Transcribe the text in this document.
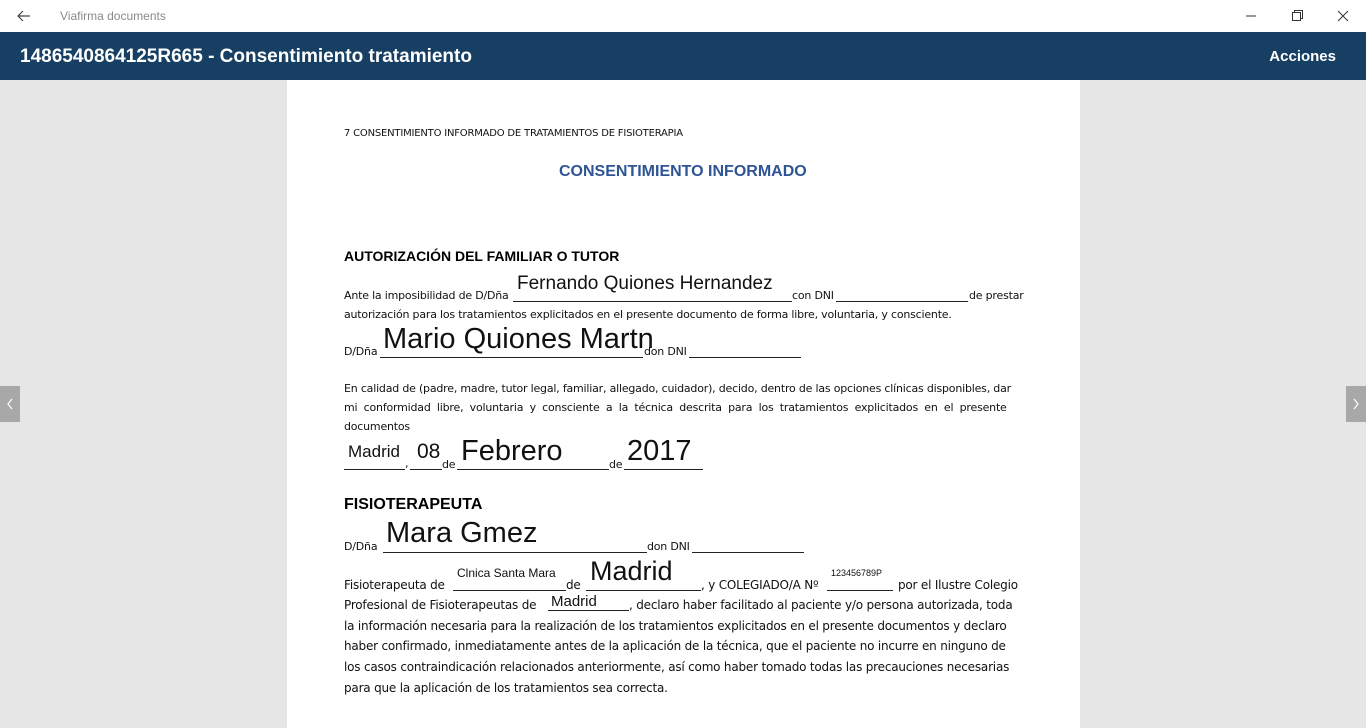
Viafirma documents
1486540864125R665 - Consentimiento tratamiento	Acciones
7 CONSENTIMIENTO INFORMADO DE TRATAMIENTOS DE FISIOTERAPIA
CONSENTIMIENTO INFORMADO
AUTORIZACIÓN DEL FAMILIAR O TUTOR
Ante la imposibilidad de D/Dña
Fernando Quiones Hernandez
con DNI	de prestar
autorización para los tratamientos explicitados en el presente documento de forma libre, voluntaria, y consciente.
D/Dña Mario Quiones Martn
don DNI
En calidad de (padre, madre, tutor legal, familiar, allegado, cuidador), decido, dentro de las opciones clínicas disponibles, dar
mi conformidad libre, voluntaria y consciente a la técnica descrita para los tratamientos explicitados en el presente
documentos
Madrid
,
08
de Febrero	de 2017
FISIOTERAPEUTA
D/Dña Mara Gmez	don DNI
Fisioterapeuta de
Clnica Santa Mara
de Madrid , y COLEGIADO/A Nº
123456789P
por el Ilustre Colegio
Profesional de Fisioterapeutas de Madrid	, declaro haber facilitado al paciente y/o persona autorizada, toda
la información necesaria para la realización de los tratamientos explicitados en el presente documentos y declaro
haber confirmado, inmediatamente antes de la aplicación de la técnica, que el paciente no incurre en ninguno de
los casos contraindicación relacionados anteriormente, así como haber tomado todas las precauciones necesarias
para que la aplicación de los tratamientos sea correcta.
